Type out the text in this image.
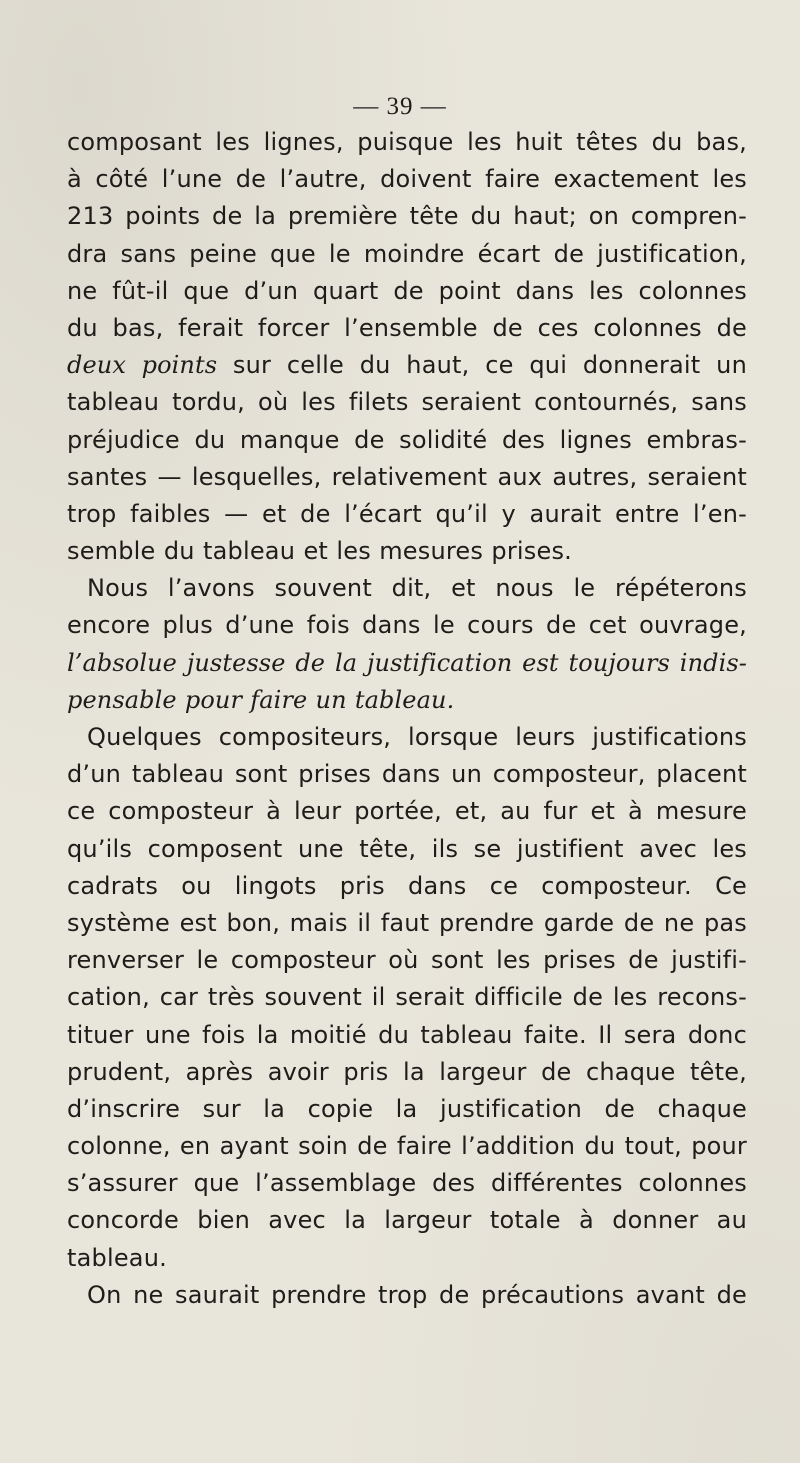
— 39 —
composant les lignes, puisque les huit têtes du bas,
à côté l’une de l’autre, doivent faire exactement les
213 points de la première tête du haut; on compren-
dra sans peine que le moindre écart de justification,
ne fût-il que d’un quart de point dans les colonnes
du bas, ferait forcer l’ensemble de ces colonnes de
deux points sur celle du haut, ce qui donnerait un
tableau tordu, où les filets seraient contournés, sans
préjudice du manque de solidité des lignes embras-
santes — lesquelles, relativement aux autres, seraient
trop faibles — et de l’écart qu’il y aurait entre l’en-
semble du tableau et les mesures prises.
Nous l’avons souvent dit, et nous le répéterons
encore plus d’une fois dans le cours de cet ouvrage,
l’absolue justesse de la justification est toujours indis-
pensable pour faire un tableau.
Quelques compositeurs, lorsque leurs justifications
d’un tableau sont prises dans un composteur, placent
ce composteur à leur portée, et, au fur et à mesure
qu’ils composent une tête, ils se justifient avec les
cadrats ou lingots pris dans ce composteur. Ce
système est bon, mais il faut prendre garde de ne pas
renverser le composteur où sont les prises de justifi-
cation, car très souvent il serait difficile de les recons-
tituer une fois la moitié du tableau faite. Il sera donc
prudent, après avoir pris la largeur de chaque tête,
d’inscrire sur la copie la justification de chaque
colonne, en ayant soin de faire l’addition du tout, pour
s’assurer que l’assemblage des différentes colonnes
concorde bien avec la largeur totale à donner au
tableau.
On ne saurait prendre trop de précautions avant de
